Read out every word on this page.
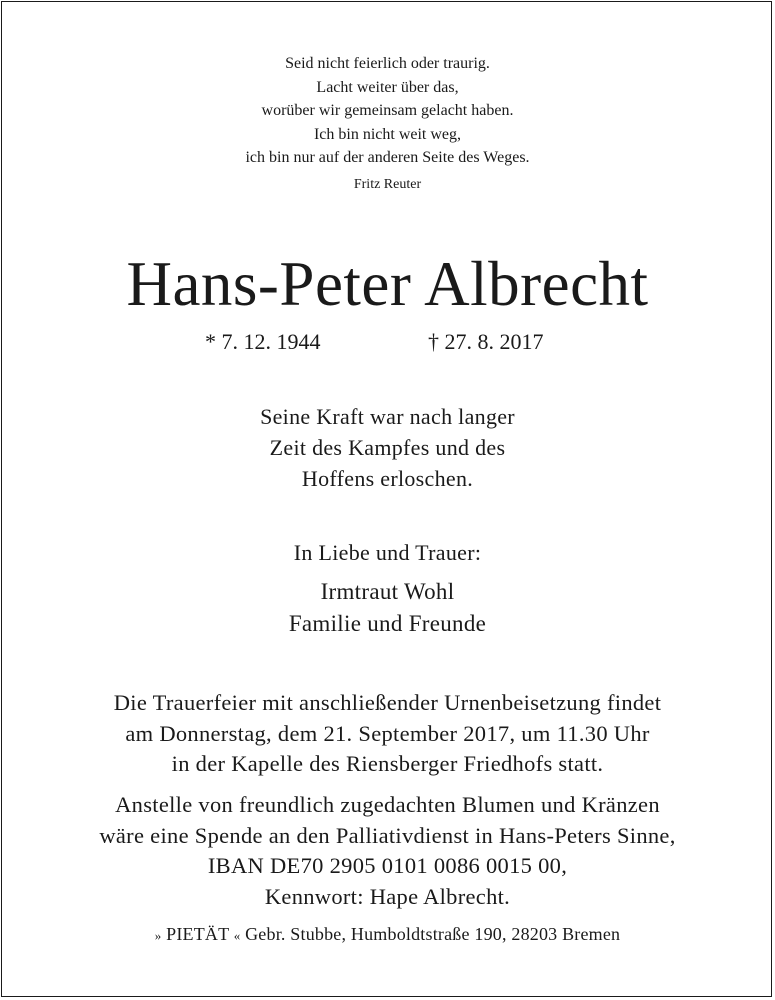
Seid nicht feierlich oder traurig.
Lacht weiter über das,
worüber wir gemeinsam gelacht haben.
Ich bin nicht weit weg,
ich bin nur auf der anderen Seite des Weges.
Fritz Reuter
Hans-Peter Albrecht
* 7. 12. 1944	† 27. 8. 2017
Seine Kraft war nach langer
Zeit des Kampfes und des
Hoffens erloschen.
In Liebe und Trauer:
Irmtraut Wohl
Familie und Freunde
Die Trauerfeier mit anschließender Urnenbeisetzung findet
am Donnerstag, dem 21. September 2017, um 11.30 Uhr
in der Kapelle des Riensberger Friedhofs statt.
Anstelle von freundlich zugedachten Blumen und Kränzen
wäre eine Spende an den Palliativdienst in Hans-Peters Sinne,
IBAN DE70 2905 0101 0086 0015 00,
Kennwort: Hape Albrecht.
» PIETÄT « Gebr. Stubbe, Humboldtstraße 190, 28203 Bremen
